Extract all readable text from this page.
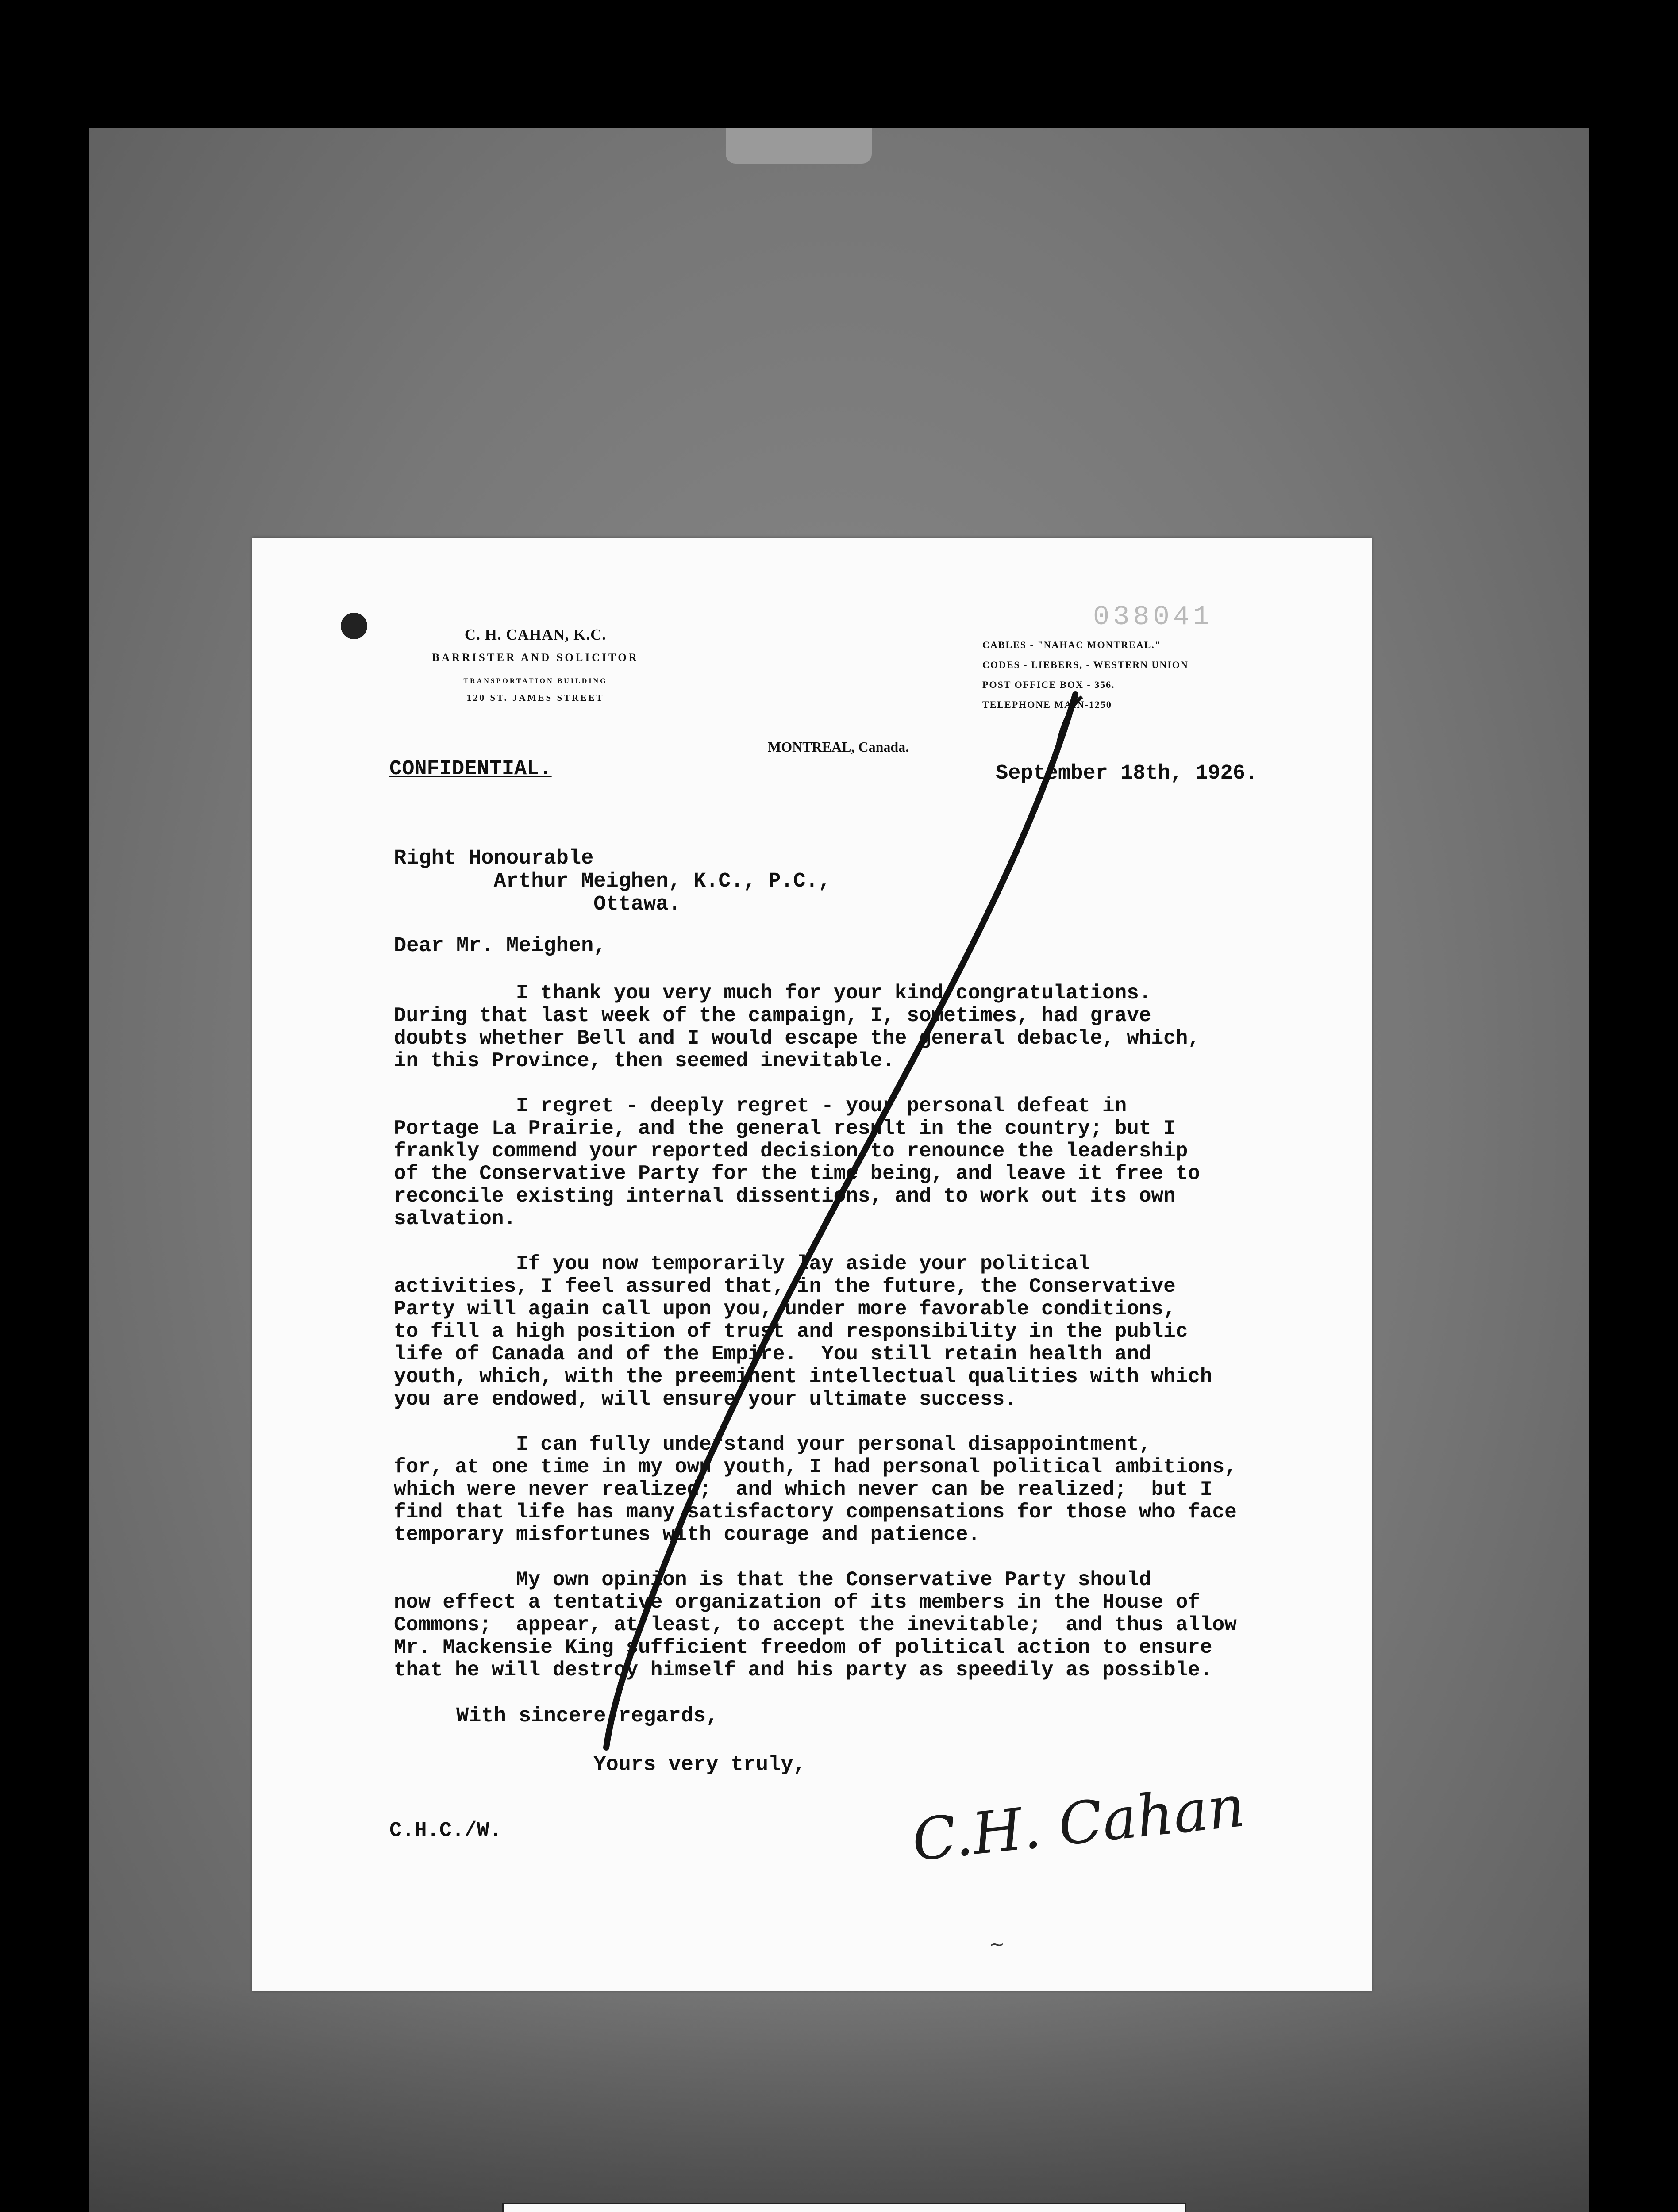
C. H. CAHAN, K.C.
BARRISTER AND SOLICITOR
TRANSPORTATION BUILDING
120 ST. JAMES STREET
038041
CABLES - "NAHAC MONTREAL."
CODES - LIEBERS, - WESTERN UNION
POST OFFICE BOX - 356.
TELEPHONE MAIN-1250
MONTREAL, Canada.
CONFIDENTIAL.	September 18th, 1926.
Right Honourable
Arthur Meighen, K.C., P.C.,
Ottawa.
Dear Mr. Meighen,
I thank you very much for your kind congratulations.
During that last week of the campaign, I, sometimes, had grave
doubts whether Bell and I would escape the general debacle, which,
in this Province, then seemed inevitable.

I regret - deeply regret - your personal defeat in
Portage La Prairie, and the general result in the country; but I
frankly commend your reported decision to renounce the leadership
of the Conservative Party for the time being, and leave it free to
reconcile existing internal dissentions, and to work out its own
salvation.

If you now temporarily lay aside your political
activities, I feel assured that, in the future, the Conservative
Party will again call upon you, under more favorable conditions,
to fill a high position of trust and responsibility in the public
life of Canada and of the Empire.  You still retain health and
youth, which, with the preeminent intellectual qualities with which
you are endowed, will ensure your ultimate success.

I can fully understand your personal disappointment,
for, at one time in my own youth, I had personal political ambitions,
which were never realized;  and which never can be realized;  but I
find that life has many satisfactory compensations for those who face
temporary misfortunes with courage and patience.

My own opinion is that the Conservative Party should
now effect a tentative organization of its members in the House of
Commons;  appear, at least, to accept the inevitable;  and thus allow
Mr. Mackensie King sufficient freedom of political action to ensure
that he will destroy himself and his party as speedily as possible.
With sincere regards,
Yours very truly,
C.H.C./W.	C.H. Cahan
~
